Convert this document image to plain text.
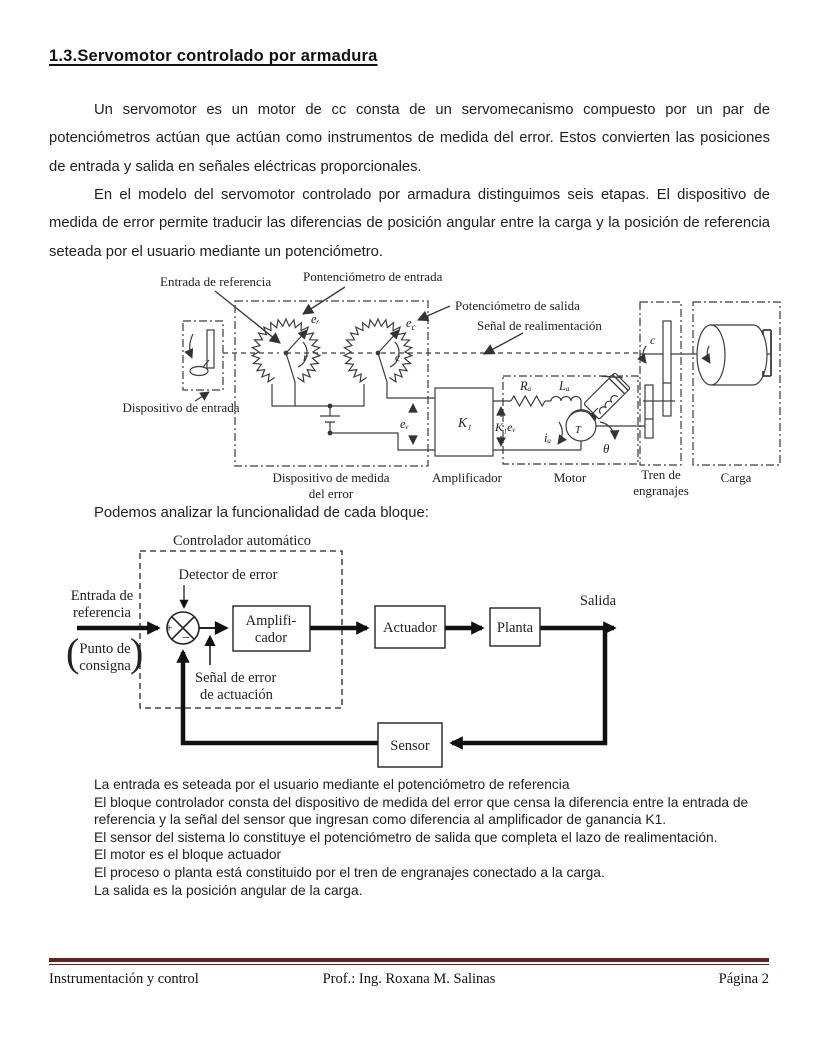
1.3.Servomotor controlado por armadura
Un servomotor es un motor de cc consta de un servomecanismo compuesto por un par de potenciómetros actúan que actúan como instrumentos de medida del error. Estos convierten las posiciones de entrada y salida en señales eléctricas proporcionales.
En el modelo del servomotor controlado por armadura distinguimos seis etapas. El dispositivo de medida de error permite traducir las diferencias de posición angular entre la carga y la posición de referencia seteada por el usuario mediante un potenciómetro.
Dispositivo de entrada
eᵣ	$e_c$
r	c
eᵥ	K₁
Rₐ Lₐ
K₁eᵥ
iₐ
T
θ
c
Entrada de referencia Pontenciómetro de entrada
Potenciómetro de salida
Señal de realimentación
Dispositivo de medida
del error
Amplificador	Motor	Tren de
engranajes
Carga
Podemos analizar la funcionalidad de cada bloque:
+
−
Controlador automático
Detector de error
Entrada de
referencia
( Punto de
consigna )
Señal de error
de actuación
Amplifi-
cador
Actuador	Planta
Salida
Sensor
La entrada es seteada por el usuario mediante el potenciómetro de referencia
El bloque controlador consta del dispositivo de medida del error que censa la diferencia entre la entrada de referencia y la señal del sensor que ingresan como diferencia al amplificador de ganancia K1.
El sensor del sistema lo constituye el potenciómetro de salida que completa el lazo de realimentación.
El motor es el bloque actuador
El proceso o planta está constituido por el tren de engranajes conectado a la carga.
La salida es la posición angular de la carga.
Instrumentación y control	Prof.: Ing. Roxana M. Salinas	Página 2
